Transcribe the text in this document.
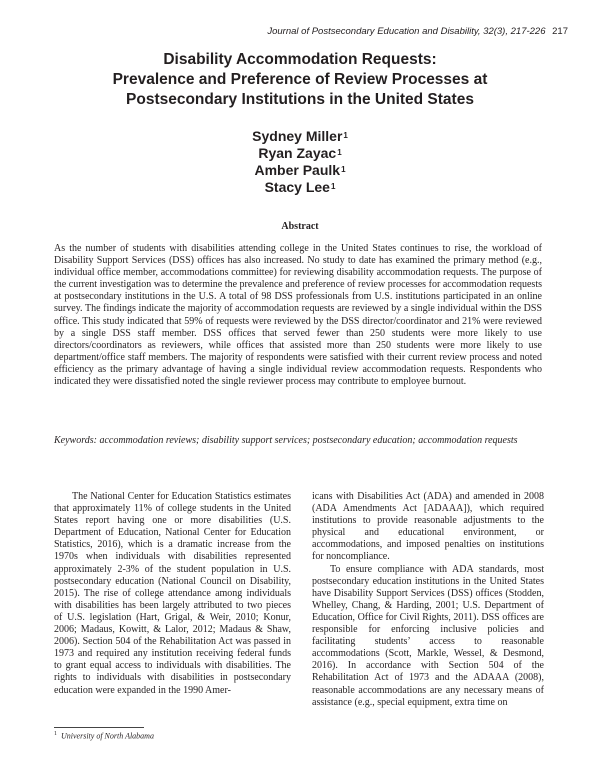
Journal of Postsecondary Education and Disability, 32(3), 217-226 217
Disability Accommodation Requests:
Prevalence and Preference of Review Processes at
Postsecondary Institutions in the United States
Sydney Miller$^1$
Ryan Zayac$^1$
Amber Paulk$^1$
Stacy Lee$^1$
Abstract
As the number of students with disabilities attending college in the United States continues to rise, the workload of Disability Support Services (DSS) offices has also increased. No study to date has examined the primary method (e.g., individual office member, accommodations committee) for reviewing disability accommodation requests. The purpose of the current investigation was to determine the prevalence and preference of review processes for accommodation requests at postsecondary institutions in the U.S. A total of 98 DSS professionals from U.S. institutions participated in an online survey. The findings indicate the majority of accommodation requests are reviewed by a single individual within the DSS office. This study indicated that 59% of requests were reviewed by the DSS director/coordinator and 21% were reviewed by a single DSS staff member. DSS offices that served fewer than 250 students were more likely to use directors/coordinators as reviewers, while offices that assisted more than 250 students were more likely to use department/office staff members. The majority of respondents were satisfied with their current review process and noted efficiency as the primary advantage of having a single individual review accommodation requests. Respondents who indicated they were dissatisfied noted the single reviewer process may contribute to employee burnout.
Keywords: accommodation reviews; disability support services; postsecondary education; accommodation requests

The National Center for Education Statistics estimates that approximately 11% of college students in the United States report having one or more disabilities (U.S. Department of Education, National Center for Education Statistics, 2016), which is a dramatic increase from the 1970s when individuals with disabilities represented approximately 2-3% of the student population in U.S. postsecondary education (National Council on Disability, 2015). The rise of college attendance among individuals with disabilities has been largely attributed to two pieces of U.S. legislation (Hart, Grigal, & Weir, 2010; Konur, 2006; Madaus, Kowitt, & Lalor, 2012; Madaus & Shaw, 2006). Section 504 of the Rehabilitation Act was passed in 1973 and required any institution receiving federal funds to grant equal access to individuals with disabilities. The rights to individuals with disabilities in postsecondary education were expanded in the 1990 Amer-

icans with Disabilities Act (ADA) and amended in 2008 (ADA Amendments Act [ADAAA]), which required institutions to provide reasonable adjustments to the physical and educational environment, or accommodations, and imposed penalties on institutions for noncompliance.

To ensure compliance with ADA standards, most postsecondary education institutions in the United States have Disability Support Services (DSS) offices (Stodden, Whelley, Chang, & Harding, 2001; U.S. Department of Education, Office for Civil Rights, 2011). DSS offices are responsible for enforcing inclusive policies and facilitating students’ access to reasonable accommodations (Scott, Markle, Wessel, & Desmond, 2016). In accordance with Section 504 of the Rehabilitation Act of 1973 and the ADAAA (2008), reasonable accommodations are any necessary means of assistance (e.g., special equipment, extra time on

$^1$ University of North Alabama
